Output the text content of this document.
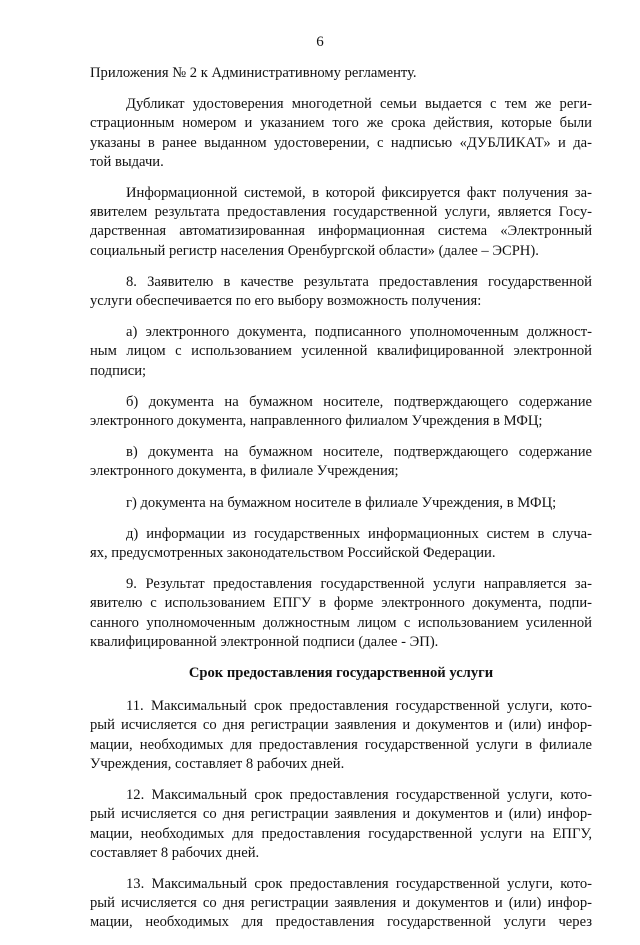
6

Приложения № 2 к Административному регламенту.

Дубликат удостоверения многодетной семьи выдается с тем же реги-

страционным номером и указанием того же срока действия, которые были

указаны в ранее выданном удостоверении, с надписью «ДУБЛИКАТ» и да-

той выдачи.

Информационной системой, в которой фиксируется факт получения за-

явителем результата предоставления государственной услуги, является Госу-

дарственная автоматизированная информационная система «Электронный

социальный регистр населения Оренбургской области» (далее – ЭСРН).

8. Заявителю в качестве результата предоставления государственной

услуги обеспечивается по его выбору возможность получения:

а) электронного документа, подписанного уполномоченным должност-

ным лицом с использованием усиленной квалифицированной электронной

подписи;

б) документа на бумажном носителе, подтверждающего содержание

электронного документа, направленного филиалом Учреждения в МФЦ;

в) документа на бумажном носителе, подтверждающего содержание

электронного документа, в филиале Учреждения;

г) документа на бумажном носителе в филиале Учреждения, в МФЦ;

д) информации из государственных информационных систем в случа-

ях, предусмотренных законодательством Российской Федерации.

9. Результат предоставления государственной услуги направляется за-

явителю с использованием ЕПГУ в форме электронного документа, подпи-

санного уполномоченным должностным лицом с использованием усиленной

квалифицированной электронной подписи (далее - ЭП).

Срок предоставления государственной услуги

11. Максимальный срок предоставления государственной услуги, кото-

рый исчисляется со дня регистрации заявления и документов и (или) инфор-

мации, необходимых для предоставления государственной услуги в филиале

Учреждения, составляет 8 рабочих дней.

12. Максимальный срок предоставления государственной услуги, кото-

рый исчисляется со дня регистрации заявления и документов и (или) инфор-

мации, необходимых для предоставления государственной услуги на ЕПГУ,

составляет 8 рабочих дней.

13. Максимальный срок предоставления государственной услуги, кото-

рый исчисляется со дня регистрации заявления и документов и (или) инфор-

мации, необходимых для предоставления государственной услуги через
